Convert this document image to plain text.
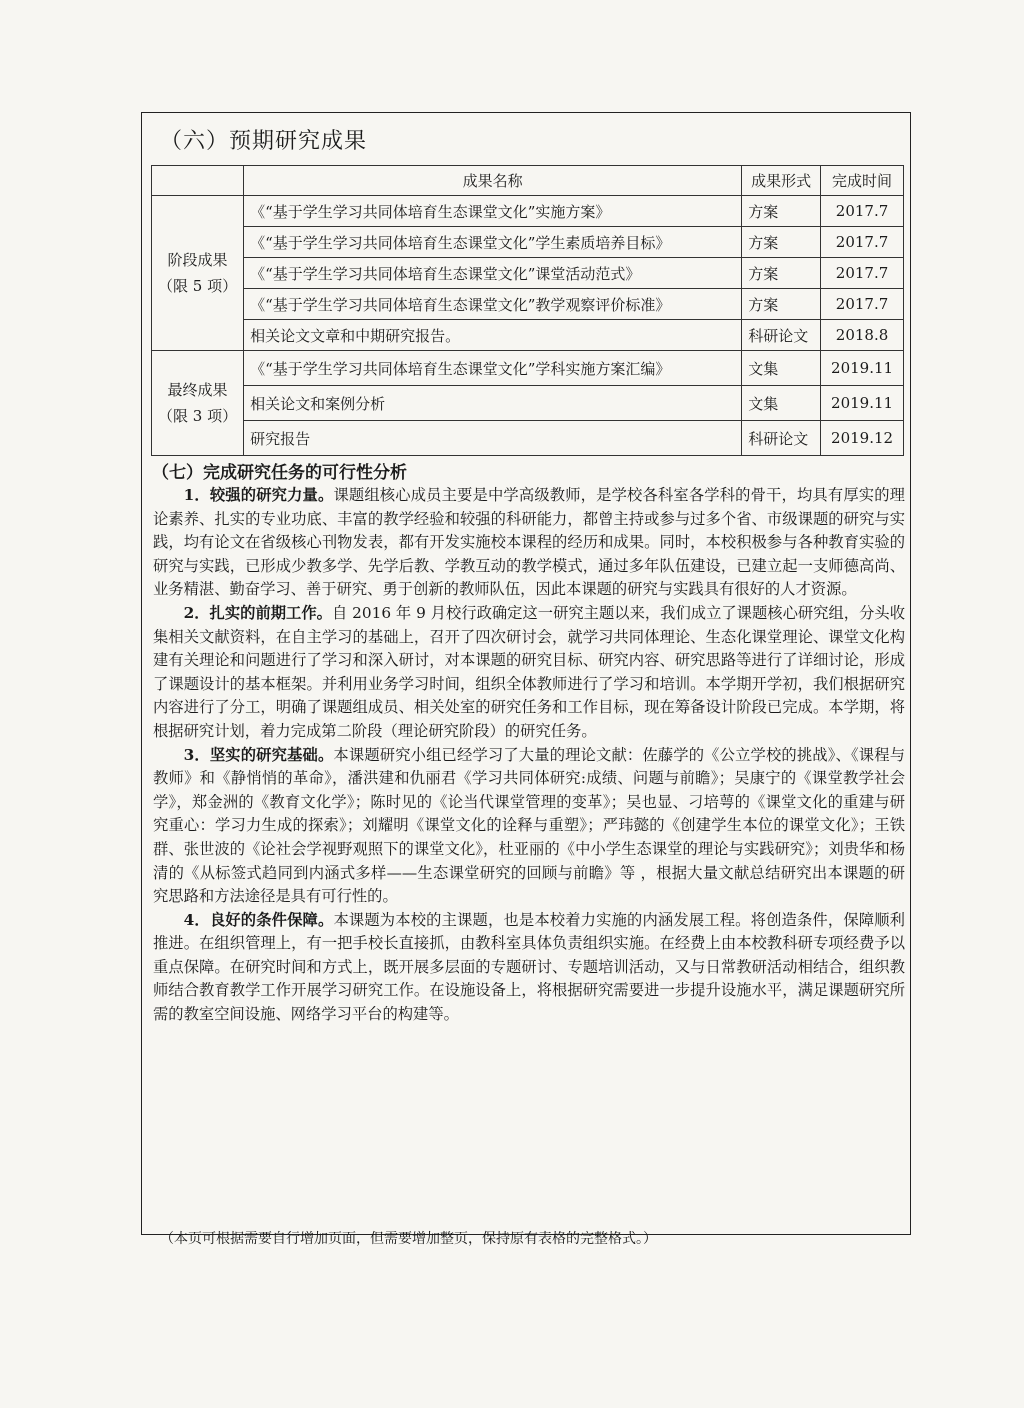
（六）预期研究成果
	成果名称	成果形式	完成时间

阶段成果
（限 5 项）	《“基于学生学习共同体培育生态课堂文化”实施方案》	方案	2017.7
	《“基于学生学习共同体培育生态课堂文化”学生素质培养目标》	方案	2017.7
	《“基于学生学习共同体培育生态课堂文化”课堂活动范式》	方案	2017.7
	《“基于学生学习共同体培育生态课堂文化”教学观察评价标准》	方案	2017.7
	相关论文文章和中期研究报告。	科研论文	2018.8

最终成果
（限 3 项）	《“基于学生学习共同体培育生态课堂文化”学科实施方案汇编》	文集	2019.11
	相关论文和案例分析	文集	2019.11
	研究报告	科研论文	2019.12
（七）完成研究任务的可行性分析

1．较强的研究力量。课题组核心成员主要是中学高级教师，是学校各科室各学科的骨干，均具有厚实的理论素养、扎实的专业功底、丰富的教学经验和较强的科研能力，都曾主持或参与过多个省、市级课题的研究与实践，均有论文在省级核心刊物发表，都有开发实施校本课程的经历和成果。同时，本校积极参与各种教育实验的研究与实践，已形成少教多学、先学后教、学教互动的教学模式，通过多年队伍建设，已建立起一支师德高尚、业务精湛、勤奋学习、善于研究、勇于创新的教师队伍，因此本课题的研究与实践具有很好的人才资源。

2．扎实的前期工作。自 2016 年 9 月校行政确定这一研究主题以来，我们成立了课题核心研究组，分头收集相关文献资料，在自主学习的基础上，召开了四次研讨会，就学习共同体理论、生态化课堂理论、课堂文化构建有关理论和问题进行了学习和深入研讨，对本课题的研究目标、研究内容、研究思路等进行了详细讨论，形成了课题设计的基本框架。并利用业务学习时间，组织全体教师进行了学习和培训。本学期开学初，我们根据研究内容进行了分工，明确了课题组成员、相关处室的研究任务和工作目标，现在筹备设计阶段已完成。本学期，将根据研究计划，着力完成第二阶段（理论研究阶段）的研究任务。

3．坚实的研究基础。本课题研究小组已经学习了大量的理论文献：佐藤学的《公立学校的挑战》、《课程与教师》和《静悄悄的革命》，潘洪建和仇丽君《学习共同体研究:成绩、问题与前瞻》；吴康宁的《课堂教学社会学》，郑金洲的《教育文化学》；陈时见的《论当代课堂管理的变革》；吴也显、刁培萼的《课堂文化的重建与研究重心：学习力生成的探索》；刘耀明《课堂文化的诠释与重塑》；严玮懿的《创建学生本位的课堂文化》；王铁群、张世波的《论社会学视野观照下的课堂文化》，杜亚丽的《中小学生态课堂的理论与实践研究》；刘贵华和杨清的《从标签式趋同到内涵式多样——生态课堂研究的回顾与前瞻》等 ，根据大量文献总结研究出本课题的研究思路和方法途径是具有可行性的。

4．良好的条件保障。本课题为本校的主课题，也是本校着力实施的内涵发展工程。将创造条件，保障顺利推进。在组织管理上，有一把手校长直接抓，由教科室具体负责组织实施。在经费上由本校教科研专项经费予以重点保障。在研究时间和方式上，既开展多层面的专题研讨、专题培训活动，又与日常教研活动相结合，组织教师结合教育教学工作开展学习研究工作。在设施设备上，将根据研究需要进一步提升设施水平，满足课题研究所需的教室空间设施、网络学习平台的构建等。

（本页可根据需要自行增加页面，但需要增加整页，保持原有表格的完整格式。）
